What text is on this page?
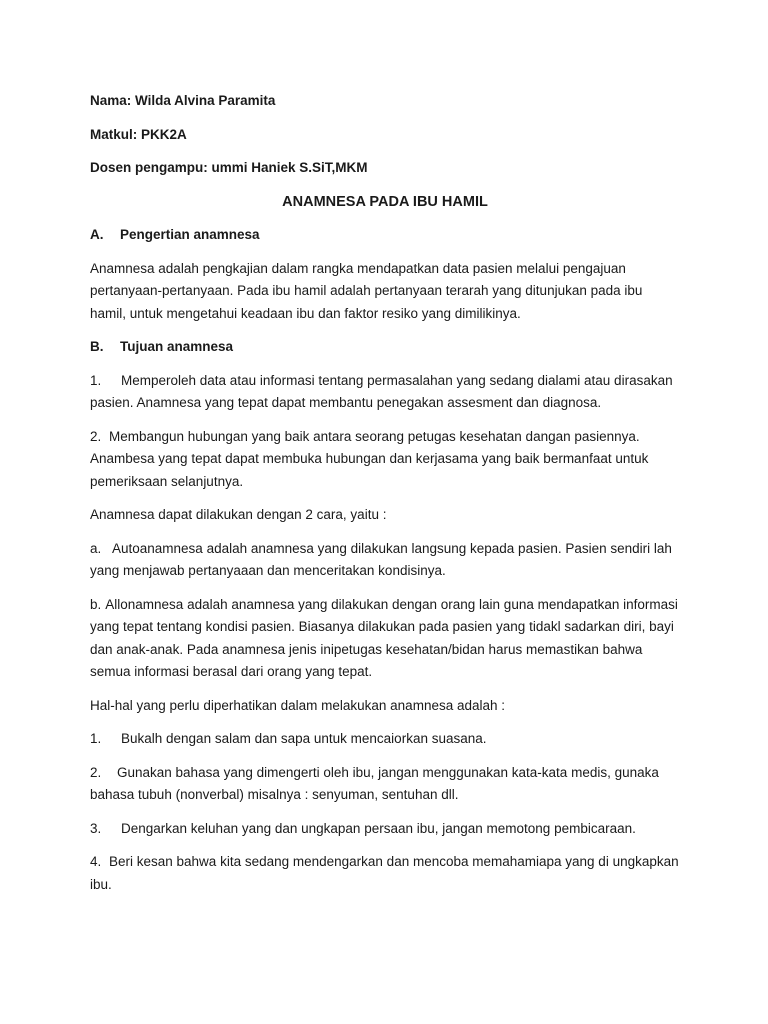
Nama: Wilda Alvina Paramita

Matkul: PKK2A

Dosen pengampu: ummi Haniek S.SiT,MKM

ANAMNESA PADA IBU HAMIL

A. Pengertian anamnesa

Anamnesa adalah pengkajian dalam rangka mendapatkan data pasien melalui pengajuan pertanyaan-pertanyaan. Pada ibu hamil adalah pertanyaan terarah yang ditunjukan pada ibu hamil, untuk mengetahui keadaan ibu dan faktor resiko yang dimilikinya.

B. Tujuan anamnesa

1. Memperoleh data atau informasi tentang permasalahan yang sedang dialami atau dirasakan pasien. Anamnesa yang tepat dapat membantu penegakan assesment dan diagnosa.

2. Membangun hubungan yang baik antara seorang petugas kesehatan dangan pasiennya. Anambesa yang tepat dapat membuka hubungan dan kerjasama yang baik bermanfaat untuk pemeriksaan selanjutnya.

Anamnesa dapat dilakukan dengan 2 cara, yaitu :

a. Autoanamnesa adalah anamnesa yang dilakukan langsung kepada pasien. Pasien sendiri lah yang menjawab pertanyaaan dan menceritakan kondisinya.

b. Allonamnesa adalah anamnesa yang dilakukan dengan orang lain guna mendapatkan informasi yang tepat tentang kondisi pasien. Biasanya dilakukan pada pasien yang tidakl sadarkan diri, bayi dan anak-anak. Pada anamnesa jenis inipetugas kesehatan/bidan harus memastikan bahwa semua informasi berasal dari orang yang tepat.

Hal-hal yang perlu diperhatikan dalam melakukan anamnesa adalah :

1. Bukalh dengan salam dan sapa untuk mencaiorkan suasana.

2. Gunakan bahasa yang dimengerti oleh ibu, jangan menggunakan kata-kata medis, gunaka bahasa tubuh (nonverbal) misalnya : senyuman, sentuhan dll.

3. Dengarkan keluhan yang dan ungkapan persaan ibu, jangan memotong pembicaraan.

4. Beri kesan bahwa kita sedang mendengarkan dan mencoba memahamiapa yang di ungkapkan ibu.
